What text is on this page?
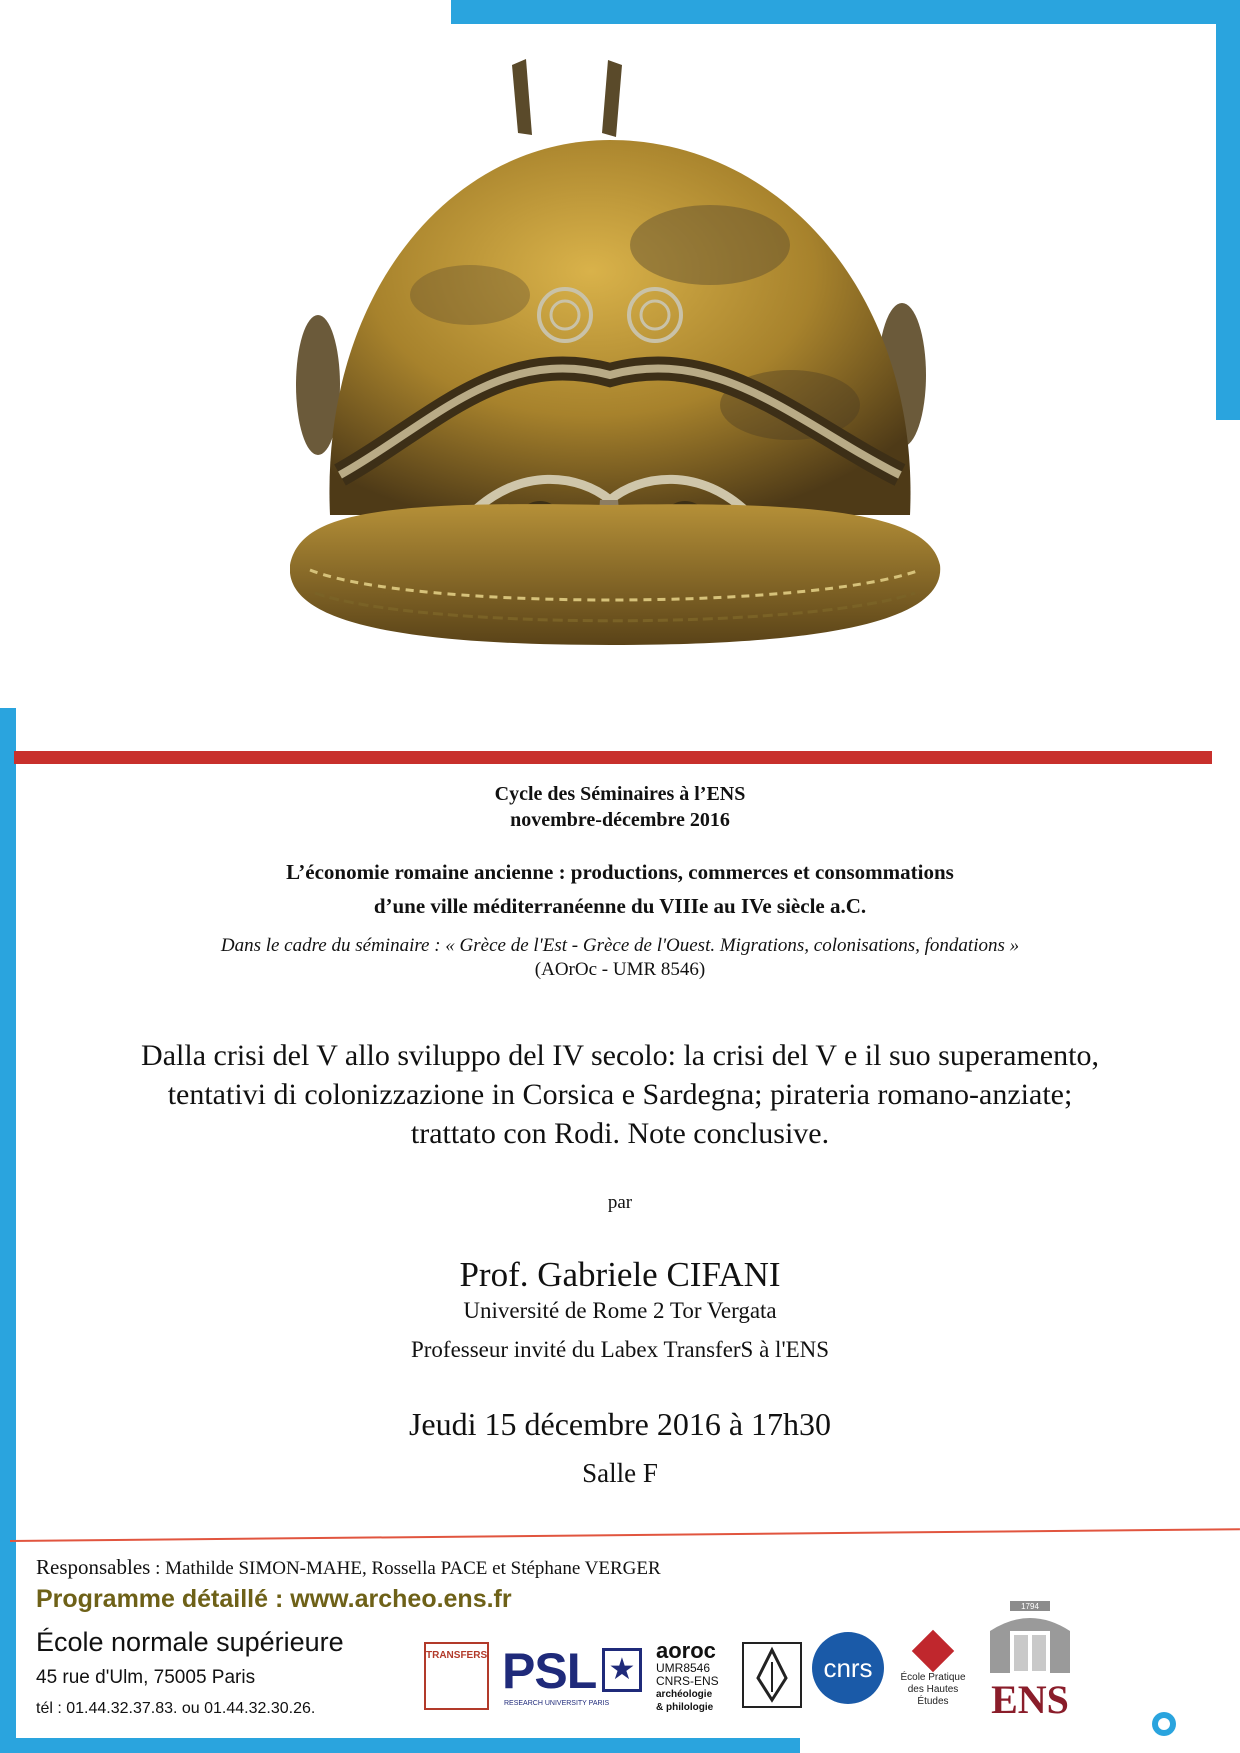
Cycle des Séminaires à l’ENS
novembre-décembre 2016
L’économie romaine ancienne : productions, commerces et consommations
d’une ville méditerranéenne du VIIIe au IVe siècle a.C.
Dans le cadre du séminaire : « Grèce de l'Est - Grèce de l'Ouest. Migrations, colonisations, fondations »
(AOrOc - UMR 8546)
Dalla crisi del V allo sviluppo del IV secolo: la crisi del V e il suo superamento,
tentativi di colonizzazione in Corsica e Sardegna; pirateria romano-anziate;
trattato con Rodi. Note conclusive.
par
Prof. Gabriele CIFANI
Université de Rome 2 Tor Vergata
Professeur invité du Labex TransferS à l'ENS
Jeudi 15 décembre 2016 à 17h30
Salle F
Responsables : Mathilde SIMON-MAHE, Rossella PACE et Stéphane VERGER
Programme détaillé : www.archeo.ens.fr
École normale supérieure
45 rue d'Ulm, 75005 Paris
tél : 01.44.32.37.83. ou 01.44.32.30.26.
TRANSFERS PSL ★
RESEARCH UNIVERSITY PARIS
aoroc
UMR8546
CNRS-ENS
archéologie
& philologie
cnrs	École Pratique
des Hautes Études
1794
ENS
